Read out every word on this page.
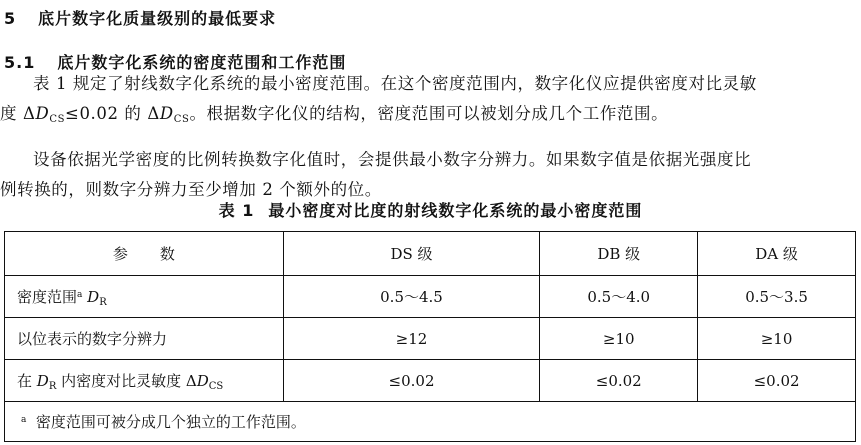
5 底片数字化质量级别的最低要求
5.1 底片数字化系统的密度范围和工作范围
表 1 规定了射线数字化系统的最小密度范围。在这个密度范围内，数字化仪应提供密度对比灵敏
度 $\Delta D_{CS}\le 0.02$ 的 $\Delta D_{CS}$。根据数字化仪的结构，密度范围可以被划分成几个工作范围。
设备依据光学密度的比例转换数字化值时，会提供最小数字分辨力。如果数字值是依据光强度比
例转换的，则数字分辨力至少增加 2 个额外的位。
表 1 最小密度对比度的射线数字化系统的最小密度范围
参数	DS 级	DB 级	DA 级
密度范围$^a$ $D_R$	0.5～4.5	0.5～4.0	0.5～3.5
以位表示的数字分辨力	≥12	≥10	≥10
在 $D_R$ 内密度对比灵敏度 $\Delta D_{CS}$	≤0.02	≤0.02	≤0.02
$^a$ 密度范围可被分成几个独立的工作范围。			
